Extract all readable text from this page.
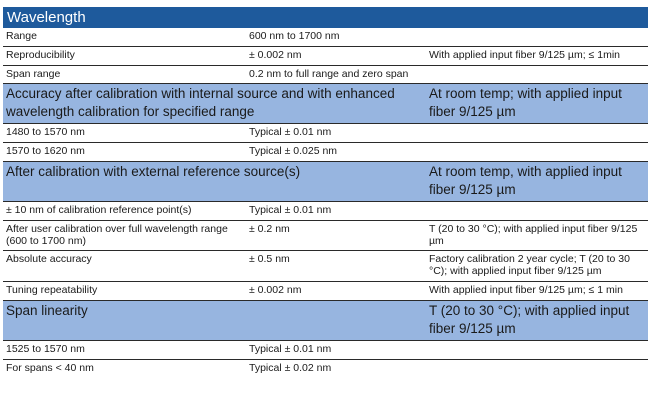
Wavelength		
Range	600 nm to 1700 nm	
Reproducibility	± 0.002 nm	With applied input fiber 9/125 µm; ≤ 1min
Span range	0.2 nm to full range and zero span	
Accuracy after calibration with internal source and with enhanced wavelength calibration for specified range		At room temp; with applied input fiber 9/125 µm
1480 to 1570 nm	Typical ± 0.01 nm	
1570 to 1620 nm	Typical ± 0.025 nm	
After calibration with external reference source(s)		At room temp, with applied input fiber 9/125 µm
± 10 nm of calibration reference point(s)	Typical ± 0.01 nm	
After user calibration over full wavelength range (600 to 1700 nm)	± 0.2 nm	T (20 to 30 °C); with applied input fiber 9/125 µm
Absolute accuracy	± 0.5 nm	Factory calibration 2 year cycle; T (20 to 30 °C); with applied input fiber 9/125 µm
Tuning repeatability	± 0.002 nm	With applied input fiber 9/125 µm; ≤ 1 min
Span linearity		T (20 to 30 °C); with applied input fiber 9/125 µm
1525 to 1570 nm	Typical ± 0.01 nm	
For spans < 40 nm	Typical ± 0.02 nm	
